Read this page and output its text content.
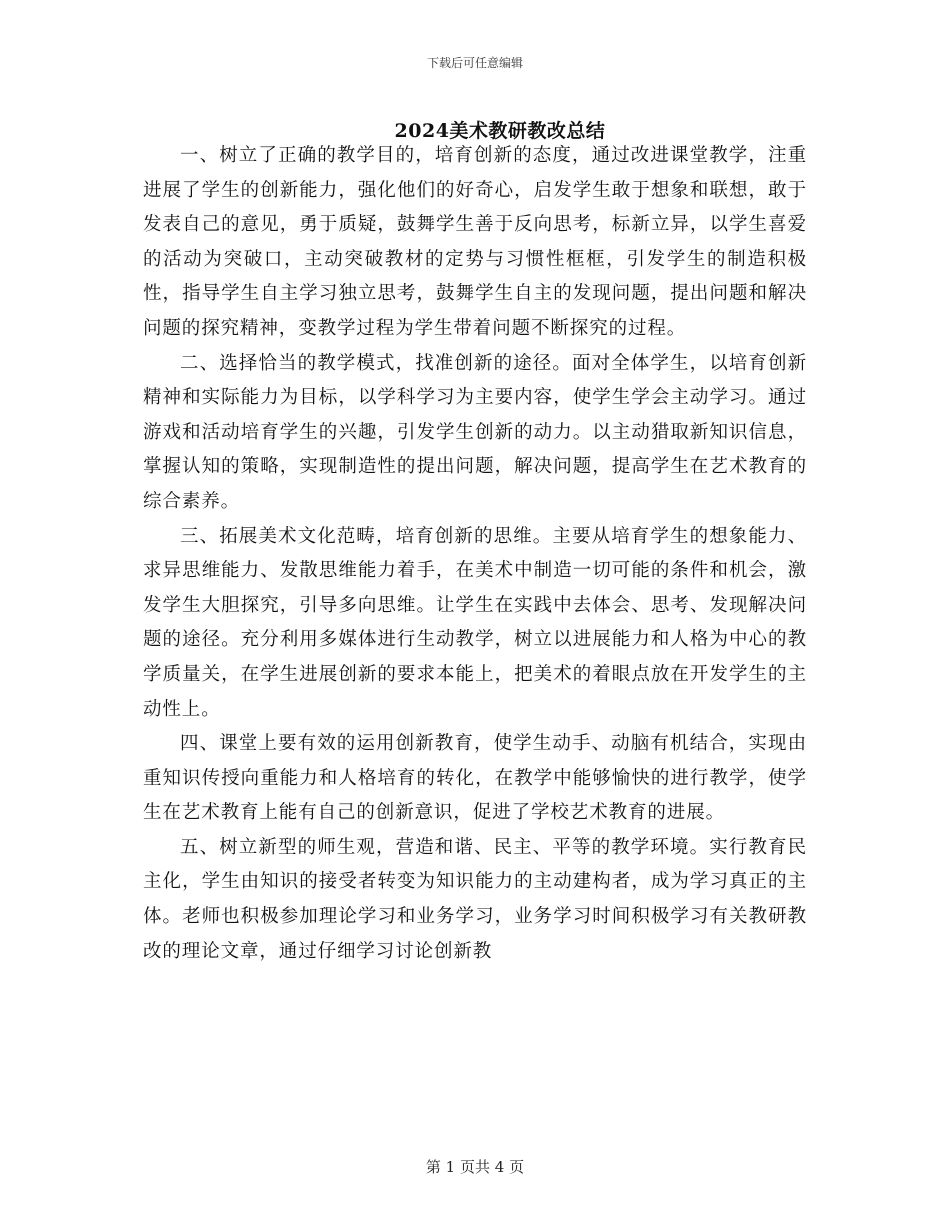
下载后可任意编辑
2024美术教研教改总结

一、树立了正确的教学目的，培育创新的态度，通过改进课堂教学，注重进展了学生的创新能力，强化他们的好奇心，启发学生敢于想象和联想，敢于发表自己的意见，勇于质疑，鼓舞学生善于反向思考，标新立异，以学生喜爱的活动为突破口，主动突破教材的定势与习惯性框框，引发学生的制造积极性，指导学生自主学习独立思考，鼓舞学生自主的发现问题，提出问题和解决问题的探究精神，变教学过程为学生带着问题不断探究的过程。

二、选择恰当的教学模式，找准创新的途径。面对全体学生，以培育创新精神和实际能力为目标，以学科学习为主要内容，使学生学会主动学习。通过游戏和活动培育学生的兴趣，引发学生创新的动力。以主动猎取新知识信息，掌握认知的策略，实现制造性的提出问题，解决问题，提高学生在艺术教育的综合素养。

三、拓展美术文化范畴，培育创新的思维。主要从培育学生的想象能力、求异思维能力、发散思维能力着手，在美术中制造一切可能的条件和机会，激发学生大胆探究，引导多向思维。让学生在实践中去体会、思考、发现解决问题的途径。充分利用多媒体进行生动教学，树立以进展能力和人格为中心的教学质量关，在学生进展创新的要求本能上，把美术的着眼点放在开发学生的主动性上。

四、课堂上要有效的运用创新教育，使学生动手、动脑有机结合，实现由重知识传授向重能力和人格培育的转化，在教学中能够愉快的进行教学，使学生在艺术教育上能有自己的创新意识，促进了学校艺术教育的进展。

五、树立新型的师生观，营造和谐、民主、平等的教学环境。实行教育民主化，学生由知识的接受者转变为知识能力的主动建构者，成为学习真正的主体。老师也积极参加理论学习和业务学习，业务学习时间积极学习有关教研教改的理论文章，通过仔细学习讨论创新教

第 1 页共 4 页
